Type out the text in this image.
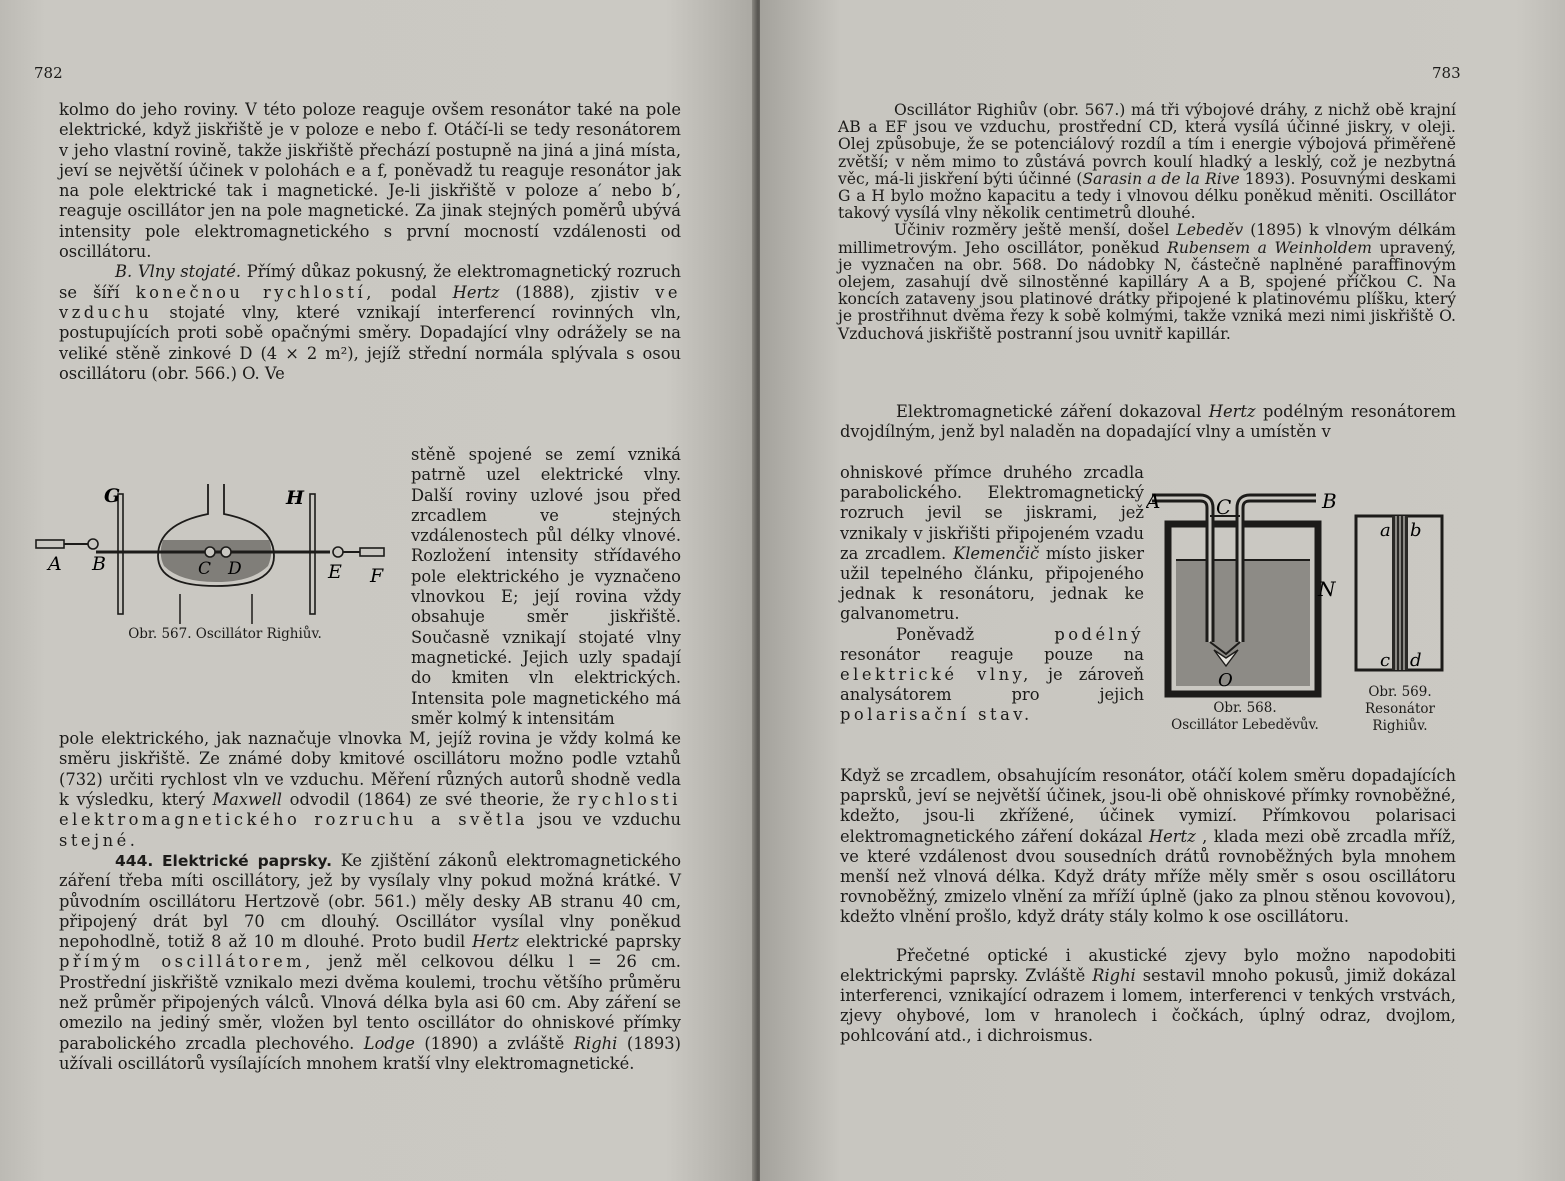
782

kolmo do jeho roviny. V této poloze reaguje ovšem resonátor také na pole elektrické, když jiskřiště je v poloze e nebo f. Otáčí-li se tedy resonátorem v jeho vlastní rovině, takže jiskřiště přechází postupně na jiná a jiná místa, jeví se největší účinek v polohách e a f, poněvadž tu reaguje resonátor jak na pole elektrické tak i magnetické. Je-li jiskřiště v poloze a′ nebo b′, reaguje oscillátor jen na pole magnetické. Za jinak stejných poměrů ubývá intensity pole elektromagnetického s první mocností vzdálenosti od oscillátoru.

B. Vlny stojaté. Přímý důkaz pokusný, že elektromagnetický rozruch se šíří konečnou rychlostí, podal Hertz (1888), zjistiv ve vzduchu stojaté vlny, které vznikají interferencí rovinných vln, postupujících proti sobě opačnými směry. Dopadající vlny odrážely se na veliké stěně zinkové D (4 × 2 m²), jejíž střední normála splývala s osou oscillátoru (obr. 566.) O. Ve

G	H
A B	C D	E F
Obr. 567. Oscillátor Righiův.

stěně spojené se zemí vzniká patrně uzel elektrické vlny. Další roviny uzlové jsou před zrcadlem ve stejných vzdálenostech půl délky vlnové. Rozložení intensity střídavého pole elektrického je vyznačeno vlnovkou E; její rovina vždy obsahuje směr jiskřiště. Současně vznikají stojaté vlny magnetické. Jejich uzly spadají do kmiten vln elektrických. Intensita pole magnetického má směr kolmý k intensitám

pole elektrického, jak naznačuje vlnovka M, jejíž rovina je vždy kolmá ke směru jiskřiště. Ze známé doby kmitové oscillátoru možno podle vztahů (732) určiti rychlost vln ve vzduchu. Měření různých autorů shodně vedla k výsledku, který Maxwell odvodil (1864) ze své theorie, že rychlosti elektromagnetického rozruchu a světla jsou ve vzduchu stejné.

444. Elektrické paprsky. Ke zjištění zákonů elektromagnetického záření třeba míti oscillátory, jež by vysílaly vlny pokud možná krátké. V původním oscillátoru Hertzově (obr. 561.) měly desky AB stranu 40 cm, připojený drát byl 70 cm dlouhý. Oscillátor vysílal vlny poněkud nepohodlně, totiž 8 až 10 m dlouhé. Proto budil Hertz elektrické paprsky přímým oscillátorem, jenž měl celkovou délku l = 26 cm. Prostřední jiskřiště vznikalo mezi dvěma koulemi, trochu většího průměru než průměr připojených válců. Vlnová délka byla asi 60 cm. Aby záření se omezilo na jediný směr, vložen byl tento oscillátor do ohniskové přímky parabolického zrcadla plechového. Lodge (1890) a zvláště Righi (1893) užívali oscillátorů vysílajících mnohem kratší vlny elektromagnetické.

783

Oscillátor Righiův (obr. 567.) má tři výbojové dráhy, z nichž obě krajní AB a EF jsou ve vzduchu, prostřední CD, která vysílá účinné jiskry, v oleji. Olej způsobuje, že se potenciálový rozdíl a tím i energie výbojová přiměřeně zvětší; v něm mimo to zůstává povrch koulí hladký a lesklý, což je nezbytná věc, má-li jiskření býti účinné (Sarasin a de la Rive 1893). Posuvnými deskami G a H bylo možno kapacitu a tedy i vlnovou délku poněkud měniti. Oscillátor takový vysílá vlny několik centimetrů dlouhé.

Učiniv rozměry ještě menší, došel Lebeděv (1895) k vlnovým délkám millimetrovým. Jeho oscillátor, poněkud Rubensem a Weinholdem upravený, je vyznačen na obr. 568. Do nádobky N, částečně naplněné paraffinovým olejem, zasahují dvě silnostěnné kapilláry A a B, spojené příčkou C. Na koncích zataveny jsou platinové drátky připojené k platinovému plíšku, který je prostřihnut dvěma řezy k sobě kolmými, takže vzniká mezi nimi jiskřiště O. Vzduchová jiskřiště postranní jsou uvnitř kapillár.

Elektromagnetické záření dokazoval Hertz podélným resonátorem dvojdílným, jenž byl naladěn na dopadající vlny a umístěn v

ohniskové přímce druhého zrcadla parabolického. Elektromagnetický rozruch jevil se jiskrami, jež vznikaly v jiskřišti připojeném vzadu za zrcadlem. Klemenčič místo jisker užil tepelného článku, připojeného jednak k resonátoru, jednak ke galvanometru.
Poněvadž	podélný resonátor reaguje pouze na elektrické vlny, je zároveň analysátorem pro jejich polarisační stav.

A	C	B
N
O
Obr. 568.
Oscillátor Lebeděvův.
a b
c d
Obr. 569.
Resonátor
Righiův.

Když se zrcadlem, obsahujícím resonátor, otáčí kolem směru dopadajících paprsků, jeví se největší účinek, jsou-li obě ohniskové přímky rovnoběžné, kdežto, jsou-li zkřížené, účinek vymizí. Přímkovou polarisaci elektromagnetického záření dokázal Hertz , klada mezi obě zrcadla mříž, ve které vzdálenost dvou sousedních drátů rovnoběžných byla mnohem menší než vlnová délka. Když dráty mříže měly směr s osou oscillátoru rovnoběžný, zmizelo vlnění za mříží úplně (jako za plnou stěnou kovovou), kdežto vlnění prošlo, když dráty stály kolmo k ose oscillátoru.

Přečetné optické i akustické zjevy bylo možno napodobiti elektrickými paprsky. Zvláště Righi sestavil mnoho pokusů, jimiž dokázal interferenci, vznikající odrazem i lomem, interferenci v tenkých vrstvách, zjevy ohybové, lom v hranolech i čočkách, úplný odraz, dvojlom, pohlcování atd., i dichroismus.
